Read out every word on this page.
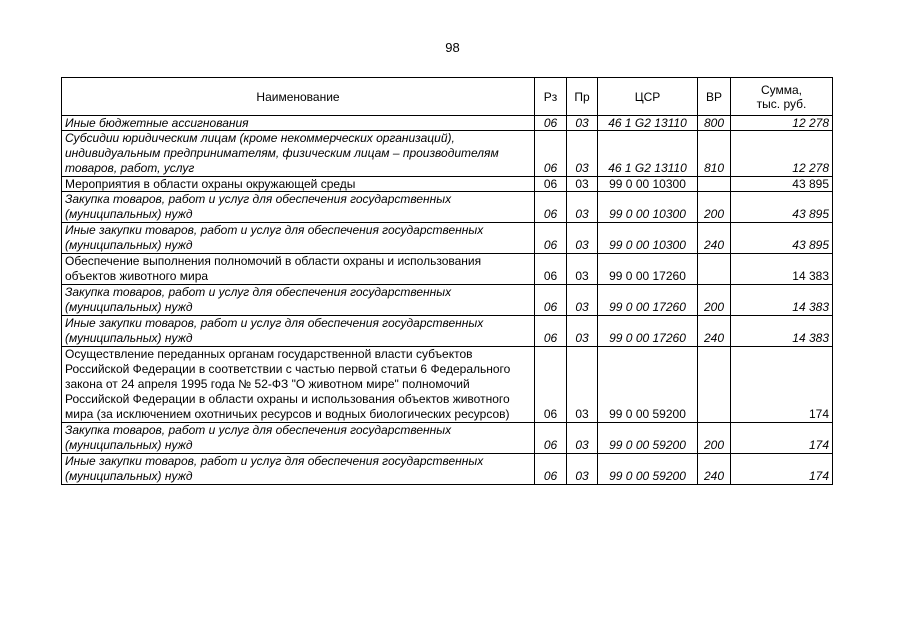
98
Наименование	Рз	Пр	ЦСР	ВР	Сумма,
тыс. руб.
Иные бюджетные ассигнования	06	03	46 1 G2 13110	800	12 278
Субсидии юридическим лицам (кроме некоммерческих организаций), индивидуальным предпринимателям, физическим лицам – производителям товаров, работ, услуг	06	03	46 1 G2 13110	810	12 278
Мероприятия в области охраны окружающей среды	06	03	99 0 00 10300		43 895
Закупка товаров, работ и услуг для обеспечения государственных (муниципальных) нужд	06	03	99 0 00 10300	200	43 895
Иные закупки товаров, работ и услуг для обеспечения государственных (муниципальных) нужд	06	03	99 0 00 10300	240	43 895
Обеспечение выполнения полномочий в области охраны и использования объектов животного мира	06	03	99 0 00 17260		14 383
Закупка товаров, работ и услуг для обеспечения государственных (муниципальных) нужд	06	03	99 0 00 17260	200	14 383
Иные закупки товаров, работ и услуг для обеспечения государственных (муниципальных) нужд	06	03	99 0 00 17260	240	14 383
Осуществление переданных органам государственной власти субъектов Российской Федерации в соответствии с частью первой статьи 6 Федерального закона от 24 апреля 1995 года № 52-ФЗ "О животном мире" полномочий Российской Федерации в области охраны и использования объектов животного мира (за исключением охотничьих ресурсов и водных биологических ресурсов)	06	03	99 0 00 59200		174
Закупка товаров, работ и услуг для обеспечения государственных (муниципальных) нужд	06	03	99 0 00 59200	200	174
Иные закупки товаров, работ и услуг для обеспечения государственных (муниципальных) нужд	06	03	99 0 00 59200	240	174
